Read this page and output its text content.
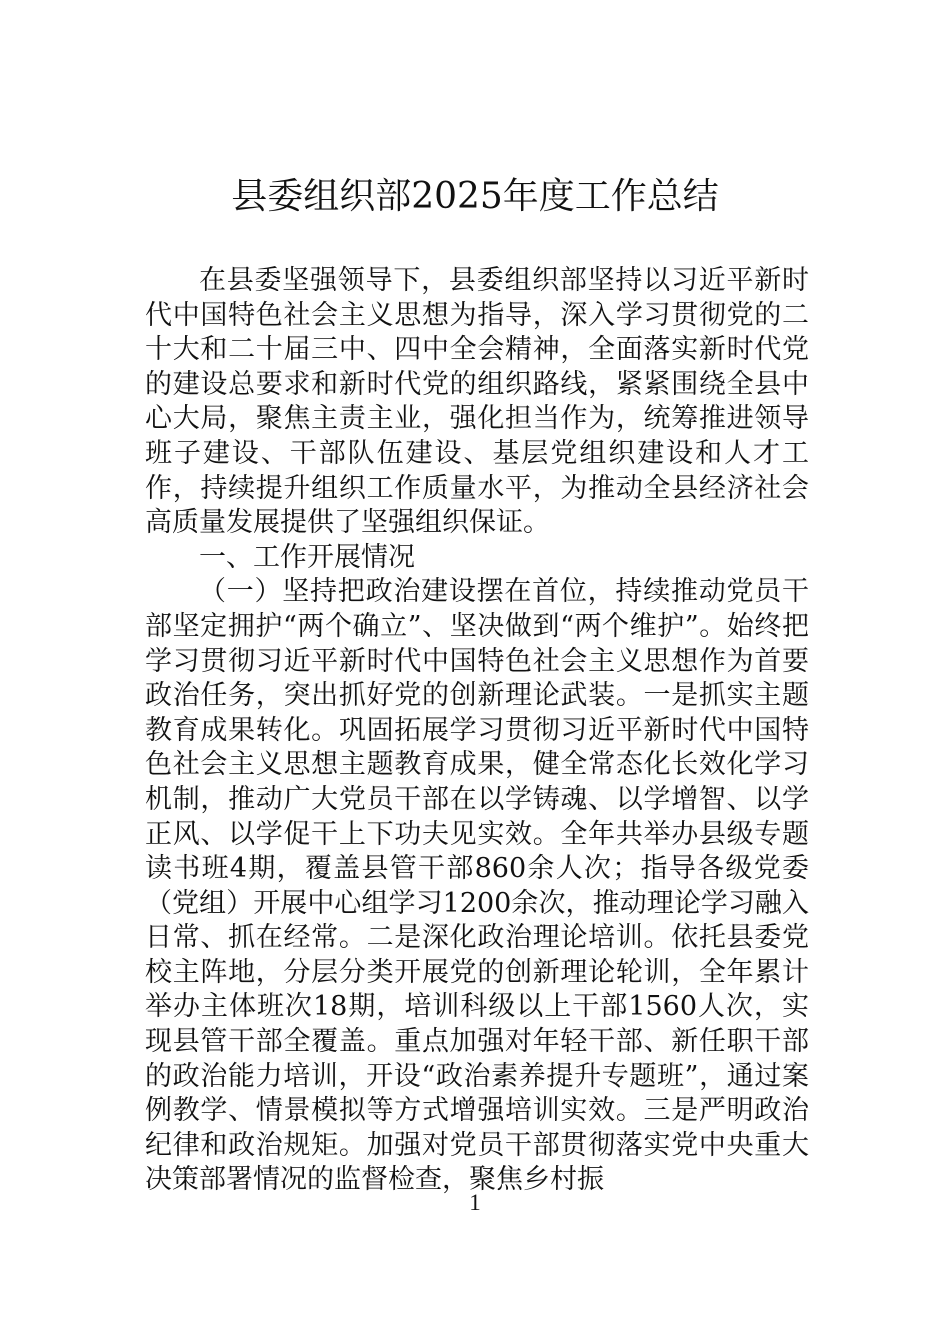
县委组织部2025年度工作总结

在县委坚强领导下，县委组织部坚持以习近平新时代中国特色社会主义思想为指导，深入学习贯彻党的二十大和二十届三中、四中全会精神，全面落实新时代党的建设总要求和新时代党的组织路线，紧紧围绕全县中心大局，聚焦主责主业，强化担当作为，统筹推进领导班子建设、干部队伍建设、基层党组织建设和人才工作，持续提升组织工作质量水平，为推动全县经济社会高质量发展提供了坚强组织保证。

一、工作开展情况

（一）坚持把政治建设摆在首位，持续推动党员干部坚定拥护“两个确立”、坚决做到“两个维护”。始终把学习贯彻习近平新时代中国特色社会主义思想作为首要政治任务，突出抓好党的创新理论武装。一是抓实主题教育成果转化。巩固拓展学习贯彻习近平新时代中国特色社会主义思想主题教育成果，健全常态化长效化学习机制，推动广大党员干部在以学铸魂、以学增智、以学正风、以学促干上下功夫见实效。全年共举办县级专题读书班4期，覆盖县管干部860余人次；指导各级党委（党组）开展中心组学习1200余次，推动理论学习融入日常、抓在经常。二是深化政治理论培训。依托县委党校主阵地，分层分类开展党的创新理论轮训，全年累计举办主体班次18期，培训科级以上干部1560人次，实现县管干部全覆盖。重点加强对年轻干部、新任职干部的政治能力培训，开设“政治素养提升专题班”，通过案例教学、情景模拟等方式增强培训实效。三是严明政治纪律和政治规矩。加强对党员干部贯彻落实党中央重大决策部署情况的监督检查，聚焦乡村振

1
